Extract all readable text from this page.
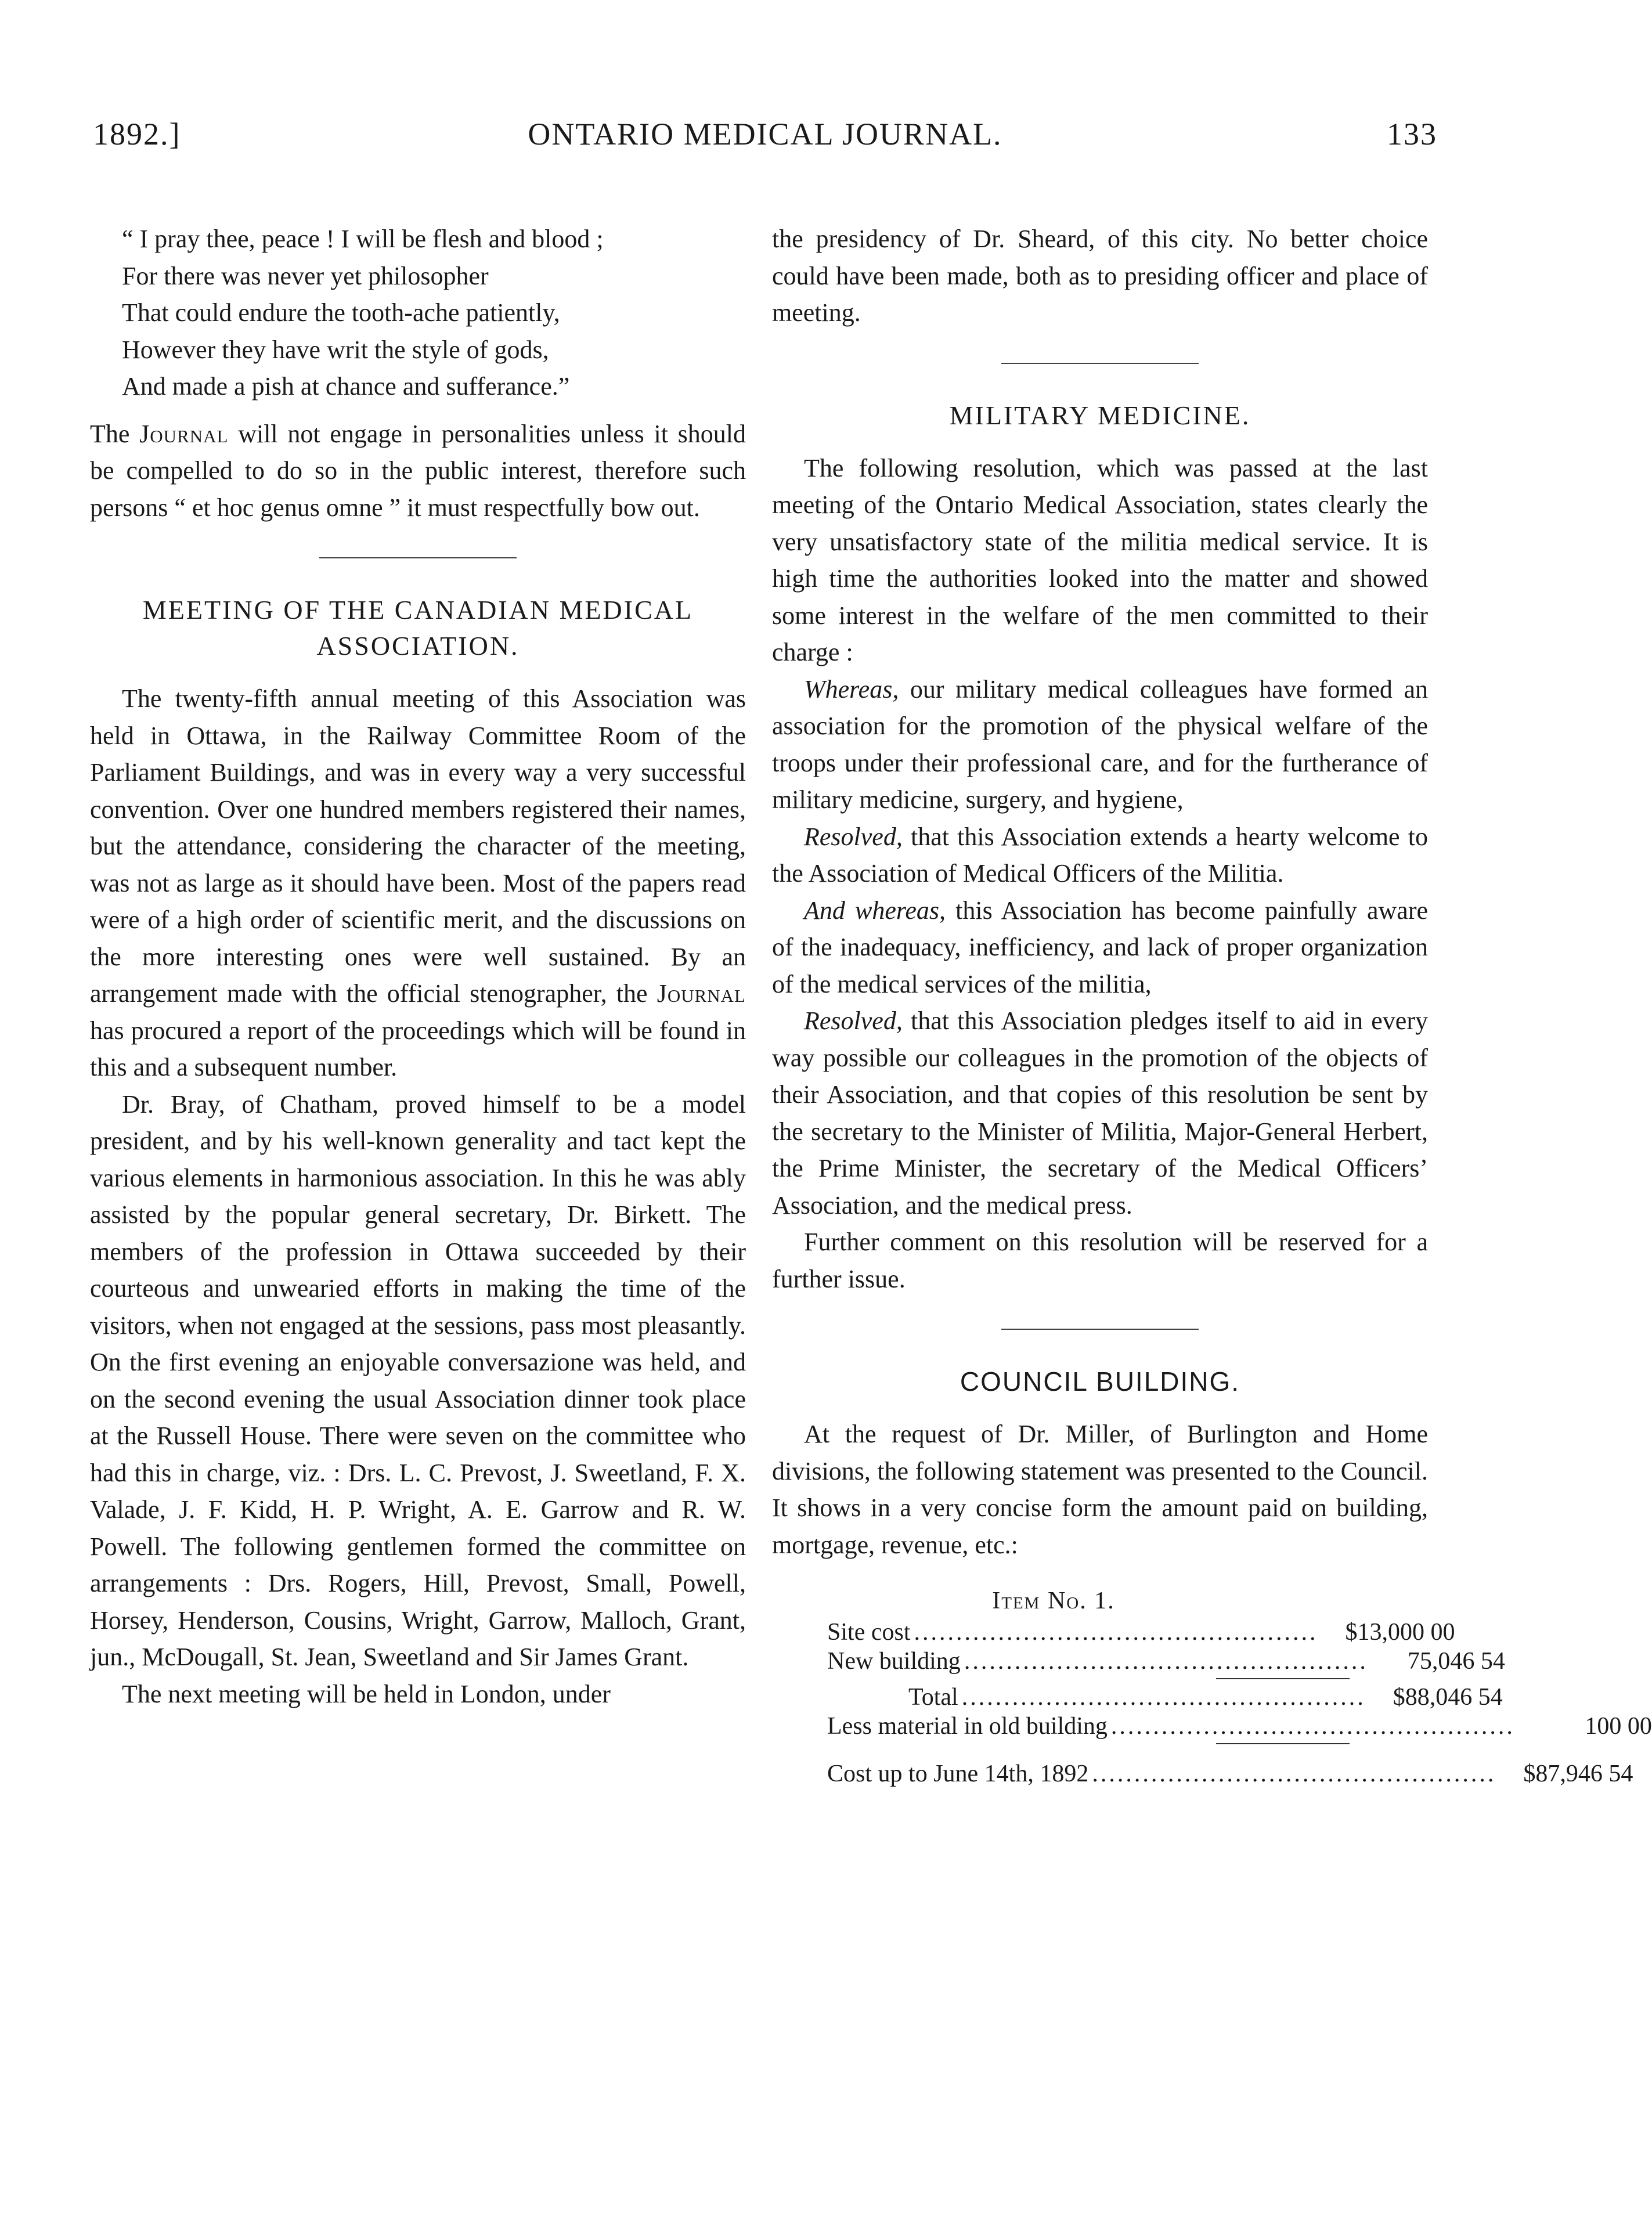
1892.]	ONTARIO MEDICAL JOURNAL.	133
“ I pray thee, peace ! I will be flesh and blood ;
For there was never yet philosopher
That could endure the tooth-ache patiently,
However they have writ the style of gods,
And made a pish at chance and sufferance.”

The Journal will not engage in personalities unless it should be compelled to do so in the public interest, therefore such persons “ et hoc genus omne ” it must respectfully bow out.

MEETING OF THE CANADIAN MEDICAL ASSOCIATION.

The twenty-fifth annual meeting of this Association was held in Ottawa, in the Railway Committee Room of the Parliament Buildings, and was in every way a very successful convention. Over one hundred members registered their names, but the attendance, considering the character of the meeting, was not as large as it should have been. Most of the papers read were of a high order of scientific merit, and the discussions on the more interesting ones were well sustained. By an arrangement made with the official stenographer, the Journal has procured a report of the proceedings which will be found in this and a subsequent number.

Dr. Bray, of Chatham, proved himself to be a model president, and by his well-known generality and tact kept the various elements in harmonious association. In this he was ably assisted by the popular general secretary, Dr. Birkett. The members of the profession in Ottawa succeeded by their courteous and unwearied efforts in making the time of the visitors, when not engaged at the sessions, pass most pleasantly. On the first evening an enjoyable conversazione was held, and on the second evening the usual Association dinner took place at the Russell House. There were seven on the committee who had this in charge, viz. : Drs. L. C. Prevost, J. Sweetland, F. X. Valade, J. F. Kidd, H. P. Wright, A. E. Garrow and R. W. Powell. The following gentlemen formed the committee on arrangements : Drs. Rogers, Hill, Prevost, Small, Powell, Horsey, Henderson, Cousins, Wright, Garrow, Malloch, Grant, jun., McDougall, St. Jean, Sweetland and Sir James Grant.

The next meeting will be held in London, under

the presidency of Dr. Sheard, of this city. No better choice could have been made, both as to presiding officer and place of meeting.

MILITARY MEDICINE.

The following resolution, which was passed at the last meeting of the Ontario Medical Association, states clearly the very unsatisfactory state of the militia medical service. It is high time the authorities looked into the matter and showed some interest in the welfare of the men committed to their charge :

Whereas, our military medical colleagues have formed an association for the promotion of the physical welfare of the troops under their professional care, and for the furtherance of military medicine, surgery, and hygiene,

Resolved, that this Association extends a hearty welcome to the Association of Medical Officers of the Militia.

And whereas, this Association has become painfully aware of the inadequacy, inefficiency, and lack of proper organization of the medical services of the militia,

Resolved, that this Association pledges itself to aid in every way possible our colleagues in the promotion of the objects of their Association, and that copies of this resolution be sent by the secretary to the Minister of Militia, Major-General Herbert, the Prime Minister, the secretary of the Medical Officers’ Association, and the medical press.

Further comment on this resolution will be reserved for a further issue.

COUNCIL BUILDING.

At the request of Dr. Miller, of Burlington and Home divisions, the following statement was presented to the Council. It shows in a very concise form the amount paid on building, mortgage, revenue, etc.:

Item No. 1.
Site cost ................................................	$13,000 00
New building ................................................	75,046 54
Total ................................................	$88,046 54
Less material in old building ................................................	100 00
Cost up to June 14th, 1892 ................................................	$87,946 54
